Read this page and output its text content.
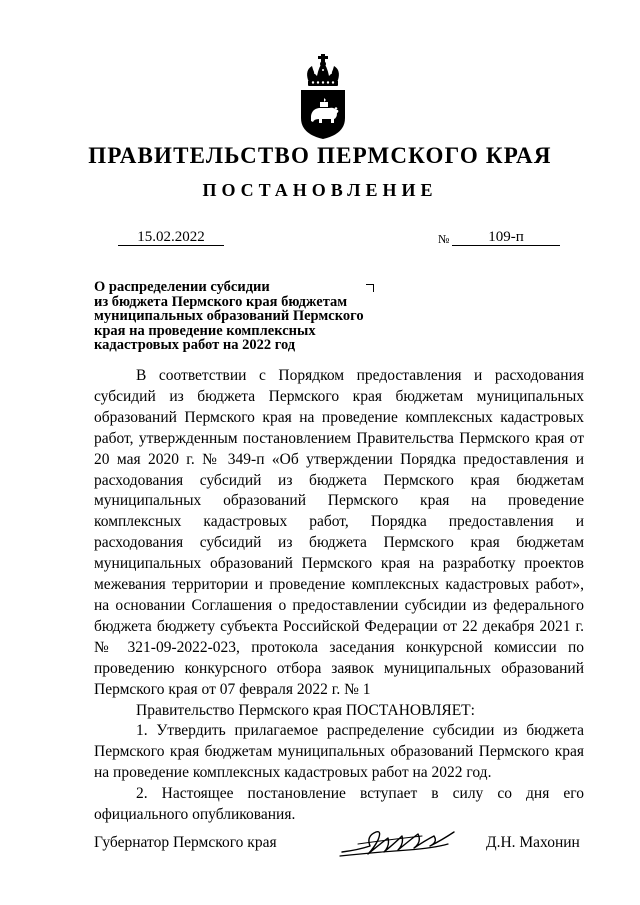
ПРАВИТЕЛЬСТВО ПЕРМСКОГО КРАЯ
ПОСТАНОВЛЕНИЕ
15.02.2022	№	109-п
О распределении субсидии
из бюджета Пермского края бюджетам
муниципальных образований Пермского
края на проведение комплексных
кадастровых работ на 2022 год

В соответствии с Порядком предоставления и расходования субсидий из бюджета Пермского края бюджетам муниципальных образований Пермского края на проведение комплексных кадастровых работ, утвержденным постановлением Правительства Пермского края от 20 мая 2020 г. № 349-п «Об утверждении Порядка предоставления и расходования субсидий из бюджета Пермского края бюджетам муниципальных образований Пермского края на проведение комплексных кадастровых работ, Порядка предоставления и расходования субсидий из бюджета Пермского края бюджетам муниципальных образований Пермского края на разработку проектов межевания территории и проведение комплексных кадастровых работ», на основании Соглашения о предоставлении субсидии из федерального бюджета бюджету субъекта Российской Федерации от 22 декабря 2021 г. № 321-09-2022-023, протокола заседания конкурсной комиссии по проведению конкурсного отбора заявок муниципальных образований Пермского края от 07 февраля 2022 г. № 1

Правительство Пермского края ПОСТАНОВЛЯЕТ:

1. Утвердить прилагаемое распределение субсидии из бюджета Пермского края бюджетам муниципальных образований Пермского края на проведение комплексных кадастровых работ на 2022 год.

2. Настоящее постановление вступает в силу со дня его официального опубликования.

Губернатор Пермского края	Д.Н. Махонин
